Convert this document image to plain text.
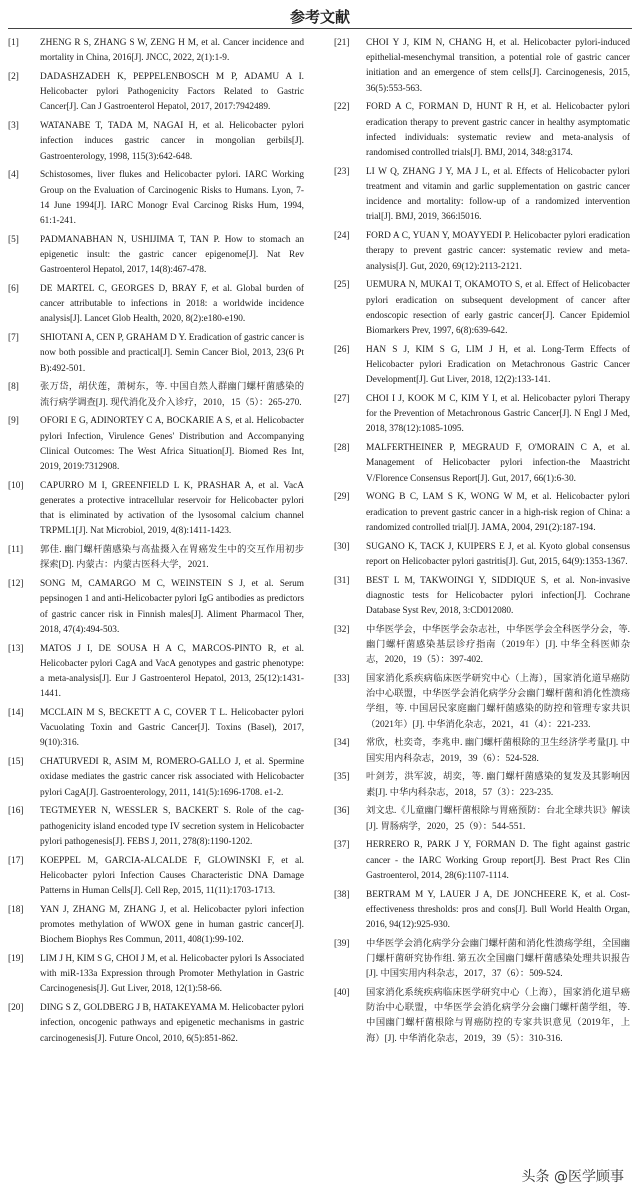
参考文献
[1]	ZHENG R S, ZHANG S W, ZENG H M, et al. Cancer incidence and mortality in China, 2016[J]. JNCC, 2022, 2(1):1-9.
[2]	DADASHZADEH K, PEPPELENBOSCH M P, ADAMU A I. Helicobacter pylori Pathogenicity Factors Related to Gastric Cancer[J]. Can J Gastroenterol Hepatol, 2017, 2017:7942489.
[3]	WATANABE T, TADA M, NAGAI H, et al. Helicobacter pylori infection induces gastric cancer in mongolian gerbils[J]. Gastroenterology, 1998, 115(3):642-648.
[4]	Schistosomes, liver flukes and Helicobacter pylori. IARC Working Group on the Evaluation of Carcinogenic Risks to Humans. Lyon, 7-14 June 1994[J]. IARC Monogr Eval Carcinog Risks Hum, 1994, 61:1-241.
[5]	PADMANABHAN N, USHIJIMA T, TAN P. How to stomach an epigenetic insult: the gastric cancer epigenome[J]. Nat Rev Gastroenterol Hepatol, 2017, 14(8):467-478.
[6]	DE MARTEL C, GEORGES D, BRAY F, et al. Global burden of cancer attributable to infections in 2018: a worldwide incidence analysis[J]. Lancet Glob Health, 2020, 8(2):e180-e190.
[7]	SHIOTANI A, CEN P, GRAHAM D Y. Eradication of gastric cancer is now both possible and practical[J]. Semin Cancer Biol, 2013, 23(6 Pt B):492-501.
[8]	张万岱，胡伏莲，萧树东，等. 中国自然人群幽门螺杆菌感染的流行病学调查[J]. 现代消化及介入诊疗，2010，15（5）：265-270.
[9]	OFORI E G, ADINORTEY C A, BOCKARIE A S, et al. Helicobacter pylori Infection, Virulence Genes' Distribution and Accompanying Clinical Outcomes: The West Africa Situation[J]. Biomed Res Int, 2019, 2019:7312908.
[10]	CAPURRO M I, GREENFIELD L K, PRASHAR A, et al. VacA generates a protective intracellular reservoir for Helicobacter pylori that is eliminated by activation of the lysosomal calcium channel TRPML1[J]. Nat Microbiol, 2019, 4(8):1411-1423.
[11]	郭佳. 幽门螺杆菌感染与高盐摄入在胃癌发生中的交互作用初步探索[D]. 内蒙古：内蒙古医科大学，2021.
[12]	SONG M, CAMARGO M C, WEINSTEIN S J, et al. Serum pepsinogen 1 and anti-Helicobacter pylori IgG antibodies as predictors of gastric cancer risk in Finnish males[J]. Aliment Pharmacol Ther, 2018, 47(4):494-503.
[13]	MATOS J I, DE SOUSA H A C, MARCOS-PINTO R, et al. Helicobacter pylori CagA and VacA genotypes and gastric phenotype: a meta-analysis[J]. Eur J Gastroenterol Hepatol, 2013, 25(12):1431-1441.
[14]	MCCLAIN M S, BECKETT A C, COVER T L. Helicobacter pylori Vacuolating Toxin and Gastric Cancer[J]. Toxins (Basel), 2017, 9(10):316.
[15]	CHATURVEDI R, ASIM M, ROMERO-GALLO J, et al. Spermine oxidase mediates the gastric cancer risk associated with Helicobacter pylori CagA[J]. Gastroenterology, 2011, 141(5):1696-1708. e1-2.
[16]	TEGTMEYER N, WESSLER S, BACKERT S. Role of the cag-pathogenicity island encoded type IV secretion system in Helicobacter pylori pathogenesis[J]. FEBS J, 2011, 278(8):1190-1202.
[17]	KOEPPEL M, GARCIA-ALCALDE F, GLOWINSKI F, et al. Helicobacter pylori Infection Causes Characteristic DNA Damage Patterns in Human Cells[J]. Cell Rep, 2015, 11(11):1703-1713.
[18]	YAN J, ZHANG M, ZHANG J, et al. Helicobacter pylori infection promotes methylation of WWOX gene in human gastric cancer[J]. Biochem Biophys Res Commun, 2011, 408(1):99-102.
[19]	LIM J H, KIM S G, CHOI J M, et al. Helicobacter pylori Is Associated with miR-133a Expression through Promoter Methylation in Gastric Carcinogenesis[J]. Gut Liver, 2018, 12(1):58-66.
[20]	DING S Z, GOLDBERG J B, HATAKEYAMA M. Helicobacter pylori infection, oncogenic pathways and epigenetic mechanisms in gastric carcinogenesis[J]. Future Oncol, 2010, 6(5):851-862.
[21]	CHOI Y J, KIM N, CHANG H, et al. Helicobacter pylori-induced epithelial-mesenchymal transition, a potential role of gastric cancer initiation and an emergence of stem cells[J]. Carcinogenesis, 2015, 36(5):553-563.
[22]	FORD A C, FORMAN D, HUNT R H, et al. Helicobacter pylori eradication therapy to prevent gastric cancer in healthy asymptomatic infected individuals: systematic review and meta-analysis of randomised controlled trials[J]. BMJ, 2014, 348:g3174.
[23]	LI W Q, ZHANG J Y, MA J L, et al. Effects of Helicobacter pylori treatment and vitamin and garlic supplementation on gastric cancer incidence and mortality: follow-up of a randomized intervention trial[J]. BMJ, 2019, 366:l5016.
[24]	FORD A C, YUAN Y, MOAYYEDI P. Helicobacter pylori eradication therapy to prevent gastric cancer: systematic review and meta-analysis[J]. Gut, 2020, 69(12):2113-2121.
[25]	UEMURA N, MUKAI T, OKAMOTO S, et al. Effect of Helicobacter pylori eradication on subsequent development of cancer after endoscopic resection of early gastric cancer[J]. Cancer Epidemiol Biomarkers Prev, 1997, 6(8):639-642.
[26]	HAN S J, KIM S G, LIM J H, et al. Long-Term Effects of Helicobacter pylori Eradication on Metachronous Gastric Cancer Development[J]. Gut Liver, 2018, 12(2):133-141.
[27]	CHOI I J, KOOK M C, KIM Y I, et al. Helicobacter pylori Therapy for the Prevention of Metachronous Gastric Cancer[J]. N Engl J Med, 2018, 378(12):1085-1095.
[28]	MALFERTHEINER P, MEGRAUD F, O'MORAIN C A, et al. Management of Helicobacter pylori infection-the Maastricht V/Florence Consensus Report[J]. Gut, 2017, 66(1):6-30.
[29]	WONG B C, LAM S K, WONG W M, et al. Helicobacter pylori eradication to prevent gastric cancer in a high-risk region of China: a randomized controlled trial[J]. JAMA, 2004, 291(2):187-194.
[30]	SUGANO K, TACK J, KUIPERS E J, et al. Kyoto global consensus report on Helicobacter pylori gastritis[J]. Gut, 2015, 64(9):1353-1367.
[31]	BEST L M, TAKWOINGI Y, SIDDIQUE S, et al. Non-invasive diagnostic tests for Helicobacter pylori infection[J]. Cochrane Database Syst Rev, 2018, 3:CD012080.
[32]	中华医学会，中华医学会杂志社，中华医学会全科医学分会，等. 幽门螺杆菌感染基层诊疗指南（2019年）[J]. 中华全科医师杂志，2020，19（5）：397-402.
[33]	国家消化系疾病临床医学研究中心（上海），国家消化道早癌防治中心联盟，中华医学会消化病学分会幽门螺杆菌和消化性溃疡学组，等. 中国居民家庭幽门螺杆菌感染的防控和管理专家共识（2021年）[J]. 中华消化杂志，2021，41（4）：221-233.
[34]	常欣，杜奕奇，李兆申. 幽门螺杆菌根除的卫生经济学考量[J]. 中国实用内科杂志，2019，39（6）：524-528.
[35]	叶剑芳，洪军波，胡奕，等. 幽门螺杆菌感染的复发及其影响因素[J]. 中华内科杂志，2018，57（3）：223-235.
[36]	刘文忠.《儿童幽门螺杆菌根除与胃癌预防：台北全球共识》解读[J]. 胃肠病学，2020，25（9）：544-551.
[37]	HERRERO R, PARK J Y, FORMAN D. The fight against gastric cancer - the IARC Working Group report[J]. Best Pract Res Clin Gastroenterol, 2014, 28(6):1107-1114.
[38]	BERTRAM M Y, LAUER J A, DE JONCHEERE K, et al. Cost-effectiveness thresholds: pros and cons[J]. Bull World Health Organ, 2016, 94(12):925-930.
[39]	中华医学会消化病学分会幽门螺杆菌和消化性溃疡学组，全国幽门螺杆菌研究协作组. 第五次全国幽门螺杆菌感染处理共识报告[J]. 中国实用内科杂志，2017，37（6）：509-524.
[40]	国家消化系统疾病临床医学研究中心（上海），国家消化道早癌防治中心联盟，中华医学会消化病学分会幽门螺杆菌学组，等. 中国幽门螺杆菌根除与胃癌防控的专家共识意见（2019年，上海）[J]. 中华消化杂志，2019，39（5）：310-316.
头条 @医学顾事
